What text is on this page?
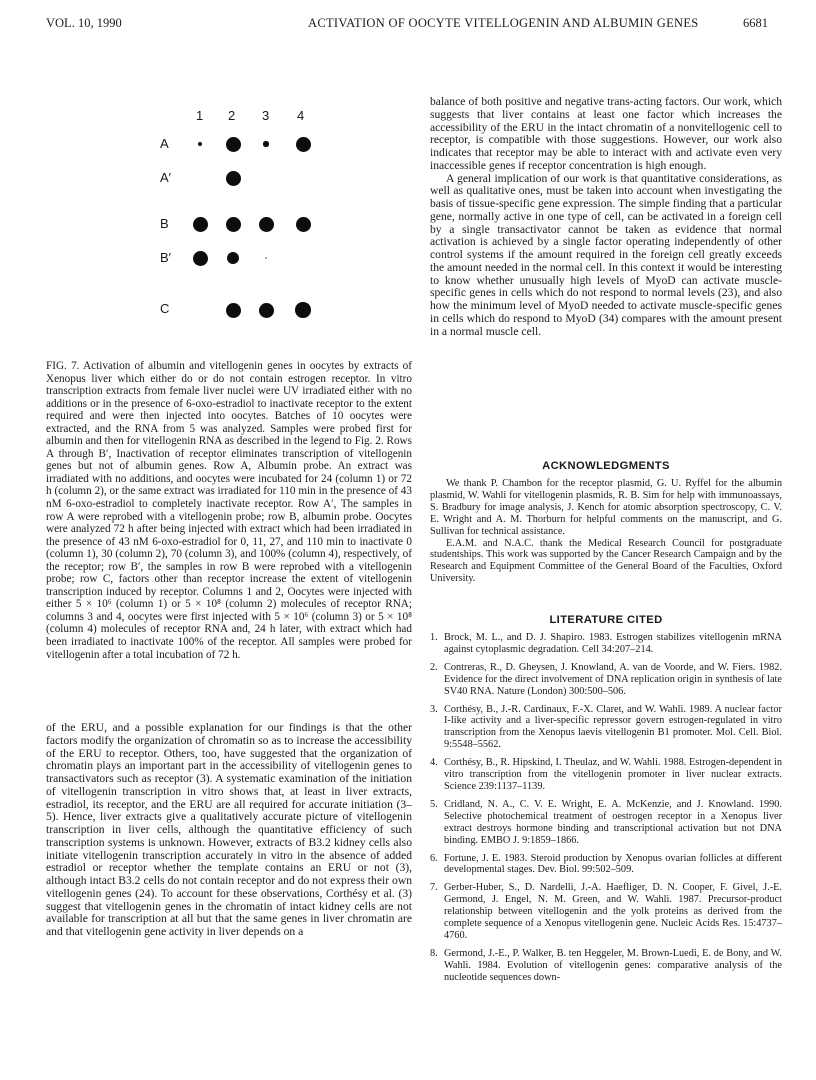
VOL. 10, 1990	ACTIVATION OF OOCYTE VITELLOGENIN AND ALBUMIN GENES	6681
1 2 3 4
A
A′
B
B′
C

FIG. 7. Activation of albumin and vitellogenin genes in oocytes by extracts of Xenopus liver which either do or do not contain estrogen receptor. In vitro transcription extracts from female liver nuclei were UV irradiated either with no additions or in the presence of 6-oxo-estradiol to inactivate receptor to the extent required and were then injected into oocytes. Batches of 10 oocytes were extracted, and the RNA from 5 was analyzed. Samples were probed first for albumin and then for vitellogenin RNA as described in the legend to Fig. 2. Rows A through B′, Inactivation of receptor eliminates transcription of vitellogenin genes but not of albumin genes. Row A, Albumin probe. An extract was irradiated with no additions, and oocytes were incubated for 24 (column 1) or 72 h (column 2), or the same extract was irradiated for 110 min in the presence of 43 nM 6-oxo-estradiol to completely inactivate receptor. Row A′, The samples in row A were reprobed with a vitellogenin probe; row B, albumin probe. Oocytes were analyzed 72 h after being injected with extract which had been irradiated in the presence of 43 nM 6-oxo-estradiol for 0, 11, 27, and 110 min to inactivate 0 (column 1), 30 (column 2), 70 (column 3), and 100% (column 4), respectively, of the receptor; row B′, the samples in row B were reprobed with a vitellogenin probe; row C, factors other than receptor increase the extent of vitellogenin transcription induced by receptor. Columns 1 and 2, Oocytes were injected with either 5 × 10⁶ (column 1) or 5 × 10⁸ (column 2) molecules of receptor RNA; columns 3 and 4, oocytes were first injected with 5 × 10⁶ (column 3) or 5 × 10⁸ (column 4) molecules of receptor RNA and, 24 h later, with extract which had been irradiated to inactivate 100% of the receptor. All samples were probed for vitellogenin after a total incubation of 72 h.

of the ERU, and a possible explanation for our findings is that the other factors modify the organization of chromatin so as to increase the accessibility of the ERU to receptor. Others, too, have suggested that the organization of chromatin plays an important part in the accessibility of vitellogenin genes to transactivators such as receptor (3). A systematic examination of the initiation of vitellogenin transcription in vitro shows that, at least in liver extracts, estradiol, its receptor, and the ERU are all required for accurate initiation (3–5). Hence, liver extracts give a qualitatively accurate picture of vitellogenin transcription in liver cells, although the quantitative efficiency of such transcription systems is unknown. However, extracts of B3.2 kidney cells also initiate vitellogenin transcription accurately in vitro in the absence of added estradiol or receptor whether the template contains an ERU or not (3), although intact B3.2 cells do not contain receptor and do not express their own vitellogenin genes (24). To account for these observations, Corthésy et al. (3) suggest that vitellogenin genes in the chromatin of intact kidney cells are not available for transcription at all but that the same genes in liver chromatin are and that vitellogenin gene activity in liver depends on a

balance of both positive and negative trans-acting factors. Our work, which suggests that liver contains at least one factor which increases the accessibility of the ERU in the intact chromatin of a nonvitellogenic cell to receptor, is compatible with those suggestions. However, our work also indicates that receptor may be able to interact with and activate even very inaccessible genes if receptor concentration is high enough.

A general implication of our work is that quantitative considerations, as well as qualitative ones, must be taken into account when investigating the basis of tissue-specific gene expression. The simple finding that a particular gene, normally active in one type of cell, can be activated in a foreign cell by a single transactivator cannot be taken as evidence that normal activation is achieved by a single factor operating independently of other control systems if the amount required in the foreign cell greatly exceeds the amount needed in the normal cell. In this context it would be interesting to know whether unusually high levels of MyoD can activate muscle-specific genes in cells which do not respond to normal levels (23), and also how the minimum level of MyoD needed to activate muscle-specific genes in cells which do respond to MyoD (34) compares with the amount present in a normal muscle cell.

ACKNOWLEDGMENTS

We thank P. Chambon for the receptor plasmid, G. U. Ryffel for the albumin plasmid, W. Wahli for vitellogenin plasmids, R. B. Sim for help with immunoassays, S. Bradbury for image analysis, J. Kench for atomic absorption spectroscopy, C. V. E. Wright and A. M. Thorburn for helpful comments on the manuscript, and G. Sullivan for technical assistance.

E.A.M. and N.A.C. thank the Medical Research Council for postgraduate studentships. This work was supported by the Cancer Research Campaign and by the Research and Equipment Committee of the General Board of the Faculties, Oxford University.

LITERATURE CITED
1. Brock, M. L., and D. J. Shapiro. 1983. Estrogen stabilizes vitellogenin mRNA against cytoplasmic degradation. Cell 34:207–214.

2. Contreras, R., D. Gheysen, J. Knowland, A. van de Voorde, and W. Fiers. 1982. Evidence for the direct involvement of DNA replication origin in synthesis of late SV40 RNA. Nature (London) 300:500–506.

3. Corthésy, B., J.-R. Cardinaux, F.-X. Claret, and W. Wahli. 1989. A nuclear factor I-like activity and a liver-specific repressor govern estrogen-regulated in vitro transcription from the Xenopus laevis vitellogenin B1 promoter. Mol. Cell. Biol. 9:5548–5562.

4. Corthésy, B., R. Hipskind, I. Theulaz, and W. Wahli. 1988. Estrogen-dependent in vitro transcription from the vitellogenin promoter in liver nuclear extracts. Science 239:1137–1139.

5. Cridland, N. A., C. V. E. Wright, E. A. McKenzie, and J. Knowland. 1990. Selective photochemical treatment of oestrogen receptor in a Xenopus liver extract destroys hormone binding and transcriptional activation but not DNA binding. EMBO J. 9:1859–1866.

6. Fortune, J. E. 1983. Steroid production by Xenopus ovarian follicles at different developmental stages. Dev. Biol. 99:502–509.

7. Gerber-Huber, S., D. Nardelli, J.-A. Haefliger, D. N. Cooper, F. Givel, J.-E. Germond, J. Engel, N. M. Green, and W. Wahli. 1987. Precursor-product relationship between vitellogenin and the yolk proteins as derived from the complete sequence of a Xenopus vitellogenin gene. Nucleic Acids Res. 15:4737–4760.

8. Germond, J.-E., P. Walker, B. ten Heggeler, M. Brown-Luedi, E. de Bony, and W. Wahli. 1984. Evolution of vitellogenin genes: comparative analysis of the nucleotide sequences down-
